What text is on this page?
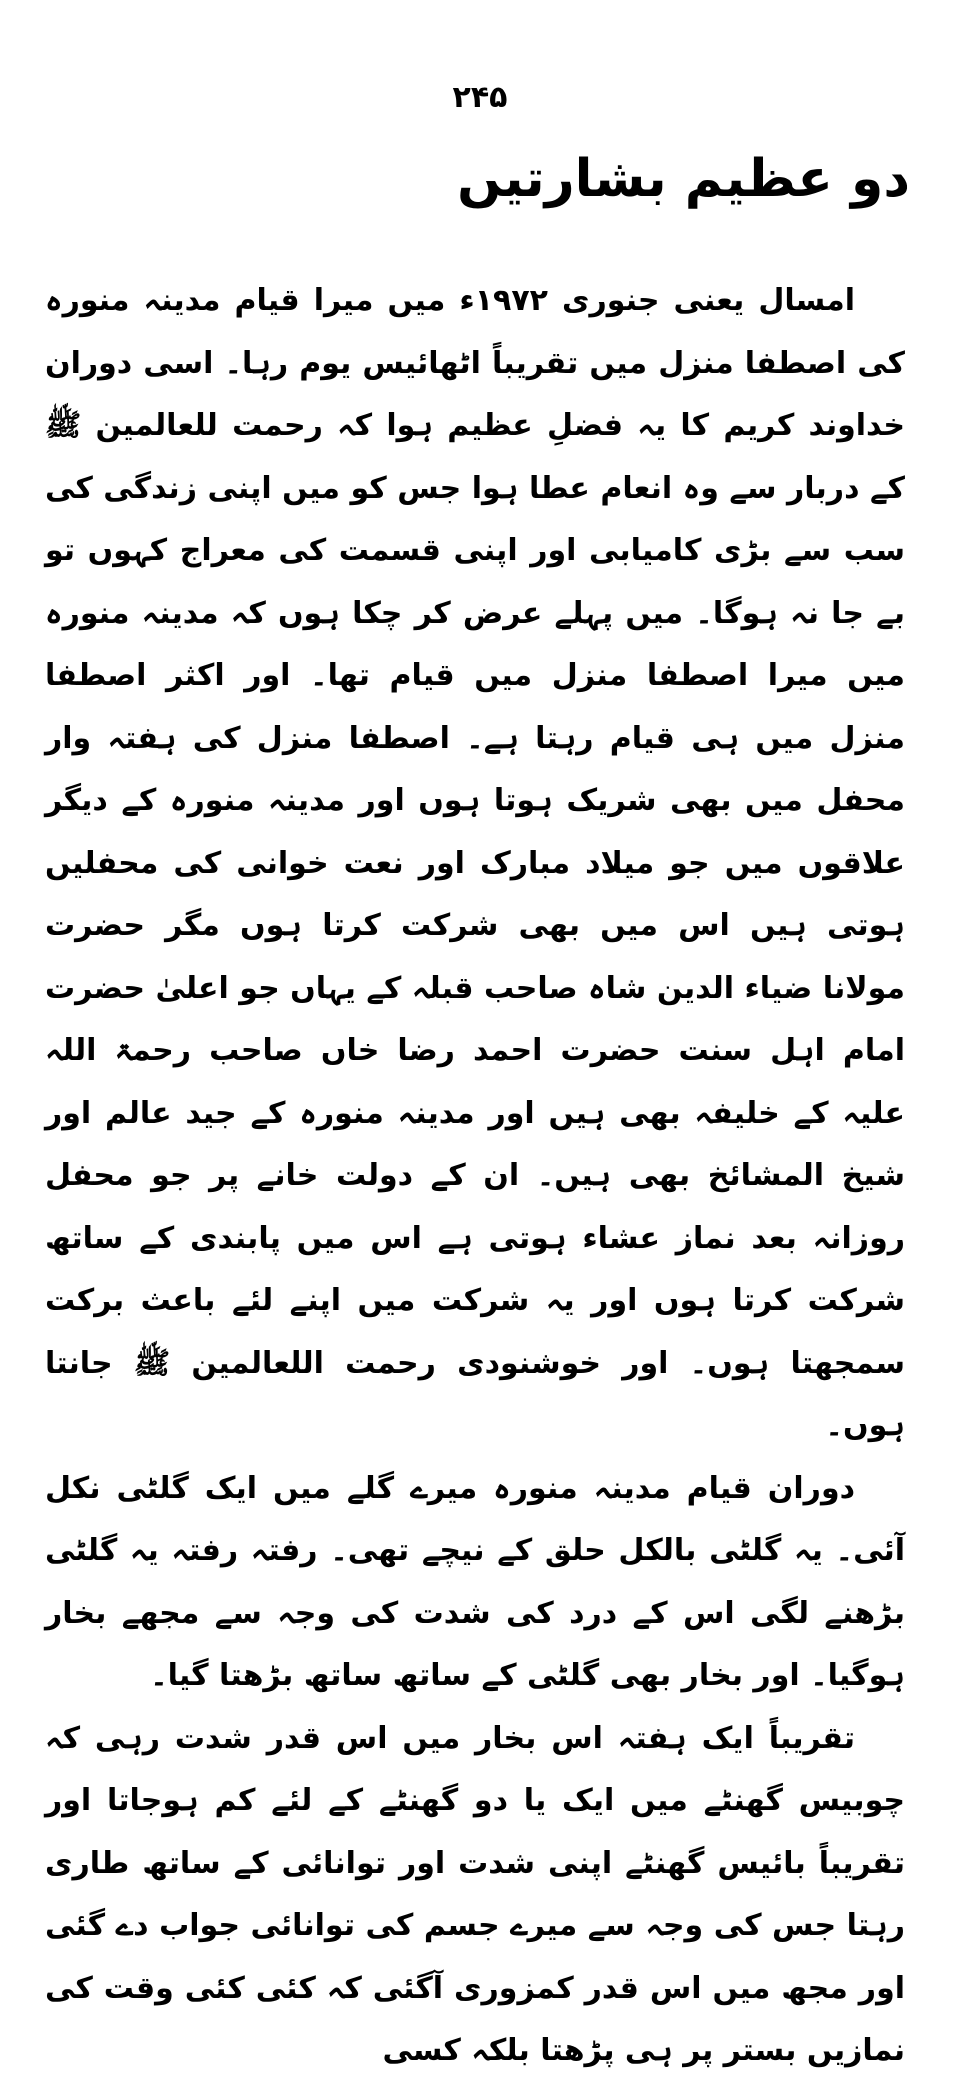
۲۴۵
دو عظیم بشارتیں

امسال یعنی جنوری ۱۹۷۲ء میں میرا قیام مدینہ منورہ کی اصطفا منزل میں تقریباً اٹھائیس یوم رہا۔ اسی دوران خداوند کریم کا یہ فضلِ عظیم ہوا کہ رحمت للعالمین ﷺ کے دربار سے وہ انعام عطا ہوا جس کو میں اپنی زندگی کی سب سے بڑی کامیابی اور اپنی قسمت کی معراج کہوں تو بے جا نہ ہوگا۔ میں پہلے عرض کر چکا ہوں کہ مدینہ منورہ میں میرا اصطفا منزل میں قیام تھا۔ اور اکثر اصطفا منزل میں ہی قیام رہتا ہے۔ اصطفا منزل کی ہفتہ وار محفل میں بھی شریک ہوتا ہوں اور مدینہ منورہ کے دیگر علاقوں میں جو میلاد مبارک اور نعت خوانی کی محفلیں ہوتی ہیں اس میں بھی شرکت کرتا ہوں مگر حضرت مولانا ضیاء الدین شاہ صاحب قبلہ کے یہاں جو اعلیٰ حضرت امام اہل سنت حضرت احمد رضا خاں صاحب رحمۃ اللہ علیہ کے خلیفہ بھی ہیں اور مدینہ منورہ کے جید عالم اور شیخ المشائخ بھی ہیں۔ ان کے دولت خانے پر جو محفل روزانہ بعد نماز عشاء ہوتی ہے اس میں پابندی کے ساتھ شرکت کرتا ہوں اور یہ شرکت میں اپنے لئے باعث برکت سمجھتا ہوں۔ اور خوشنودی رحمت اللعالمین ﷺ جانتا ہوں۔

دوران قیام مدینہ منورہ میرے گلے میں ایک گلٹی نکل آئی۔ یہ گلٹی بالکل حلق کے نیچے تھی۔ رفتہ رفتہ یہ گلٹی بڑھنے لگی اس کے درد کی شدت کی وجہ سے مجھے بخار ہوگیا۔ اور بخار بھی گلٹی کے ساتھ ساتھ بڑھتا گیا۔

تقریباً ایک ہفتہ اس بخار میں اس قدر شدت رہی کہ چوبیس گھنٹے میں ایک یا دو گھنٹے کے لئے کم ہوجاتا اور تقریباً بائیس گھنٹے اپنی شدت اور توانائی کے ساتھ طاری رہتا جس کی وجہ سے میرے جسم کی توانائی جواب دے گئی اور مجھ میں اس قدر کمزوری آگئی کہ کئی کئی وقت کی نمازیں بستر پر ہی پڑھتا بلکہ کسی
